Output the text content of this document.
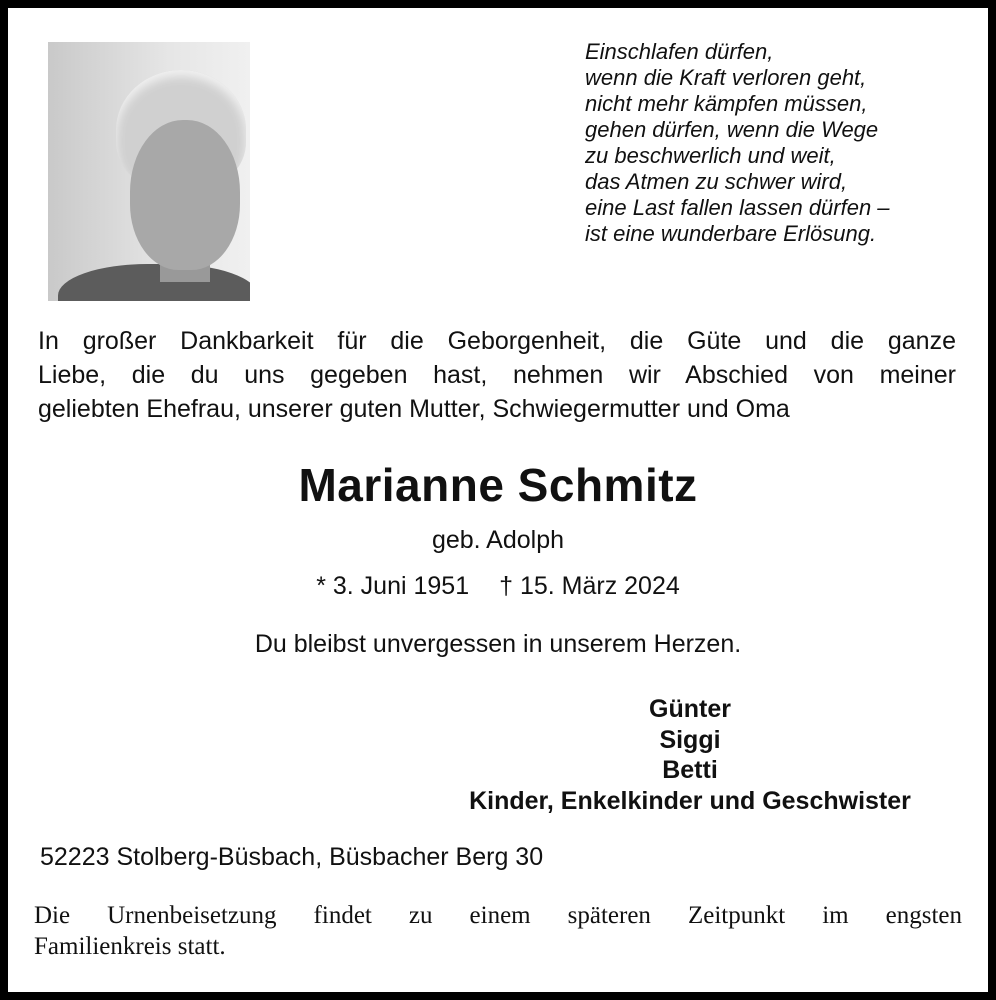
Einschlafen dürfen,
wenn die Kraft verloren geht,
nicht mehr kämpfen müssen,
gehen dürfen, wenn die Wege
zu beschwerlich und weit,
das Atmen zu schwer wird,
eine Last fallen lassen dürfen –
ist eine wunderbare Erlösung.
In großer Dankbarkeit für die Geborgenheit, die Güte und die ganze
Liebe, die du uns gegeben hast, nehmen wir Abschied von meiner
geliebten Ehefrau, unserer guten Mutter, Schwiegermutter und Oma
Marianne Schmitz
geb. Adolph
* 3. Juni 1951 † 15. März 2024
Du bleibst unvergessen in unserem Herzen.
Günter
Siggi
Betti
Kinder, Enkelkinder und Geschwister
52223 Stolberg-Büsbach, Büsbacher Berg 30
Die Urnenbeisetzung findet zu einem späteren Zeitpunkt im engsten
Familienkreis statt.
